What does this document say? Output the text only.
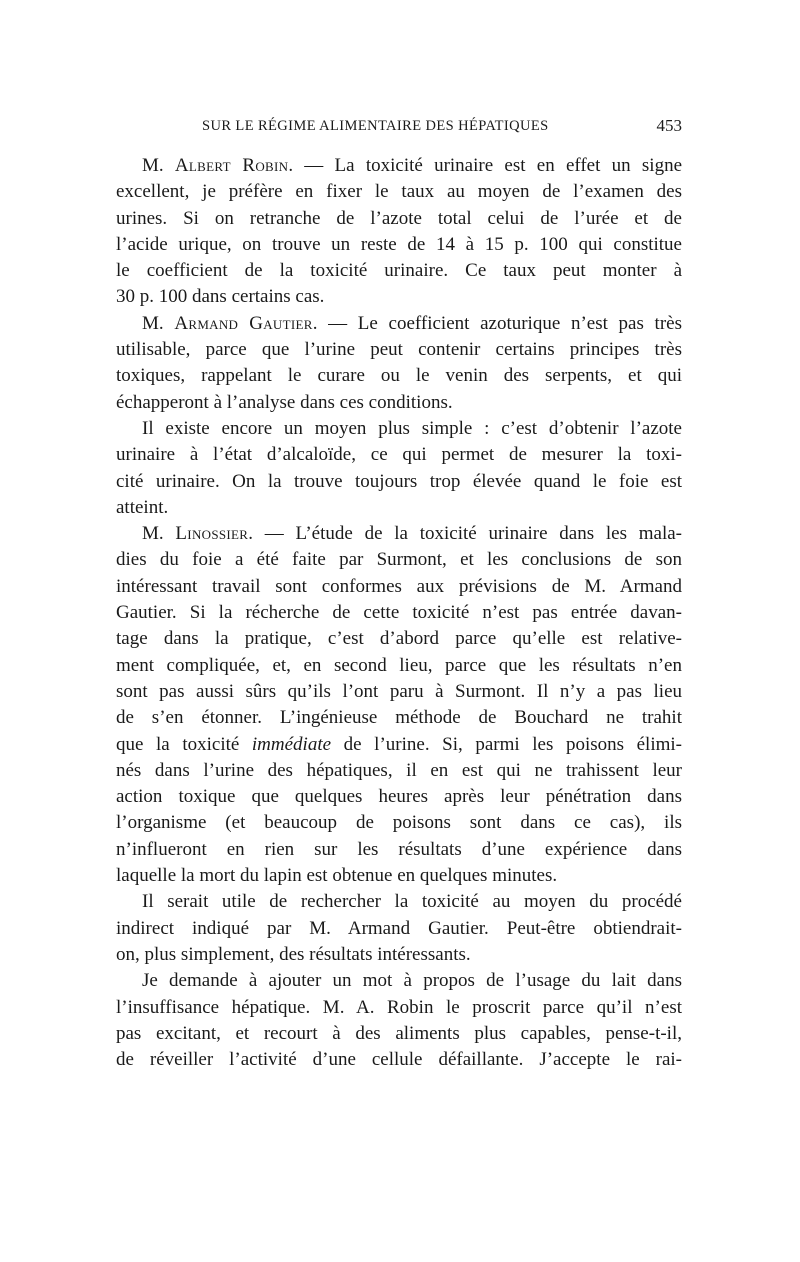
SUR LE RÉGIME ALIMENTAIRE DES HÉPATIQUES	453
M. Albert Robin. — La toxicité urinaire est en effet un signe
excellent, je préfère en fixer le taux au moyen de l’examen des
urines. Si on retranche de l’azote total celui de l’urée et de
l’acide urique, on trouve un reste de 14 à 15 p. 100 qui constitue
le coefficient de la toxicité urinaire. Ce taux peut monter à
30 p. 100 dans certains cas.
M. Armand Gautier. — Le coefficient azoturique n’est pas très
utilisable, parce que l’urine peut contenir certains principes très
toxiques, rappelant le curare ou le venin des serpents, et qui
échapperont à l’analyse dans ces conditions.
Il existe encore un moyen plus simple : c’est d’obtenir l’azote
urinaire à l’état d’alcaloïde, ce qui permet de mesurer la toxi-
cité urinaire. On la trouve toujours trop élevée quand le foie est
atteint.
M. Linossier. — L’étude de la toxicité urinaire dans les mala-
dies du foie a été faite par Surmont, et les conclusions de son
intéressant travail sont conformes aux prévisions de M. Armand
Gautier. Si la récherche de cette toxicité n’est pas entrée davan-
tage dans la pratique, c’est d’abord parce qu’elle est relative-
ment compliquée, et, en second lieu, parce que les résultats n’en
sont pas aussi sûrs qu’ils l’ont paru à Surmont. Il n’y a pas lieu
de s’en étonner. L’ingénieuse méthode de Bouchard ne trahit
que la toxicité immédiate de l’urine. Si, parmi les poisons élimi-
nés dans l’urine des hépatiques, il en est qui ne trahissent leur
action toxique que quelques heures après leur pénétration dans
l’organisme (et beaucoup de poisons sont dans ce cas), ils
n’influeront en rien sur les résultats d’une expérience dans
laquelle la mort du lapin est obtenue en quelques minutes.
Il serait utile de rechercher la toxicité au moyen du procédé
indirect indiqué par M. Armand Gautier. Peut-être obtiendrait-
on, plus simplement, des résultats intéressants.
Je demande à ajouter un mot à propos de l’usage du lait dans
l’insuffisance hépatique. M. A. Robin le proscrit parce qu’il n’est
pas excitant, et recourt à des aliments plus capables, pense-t-il,
de réveiller l’activité d’une cellule défaillante. J’accepte le rai-
